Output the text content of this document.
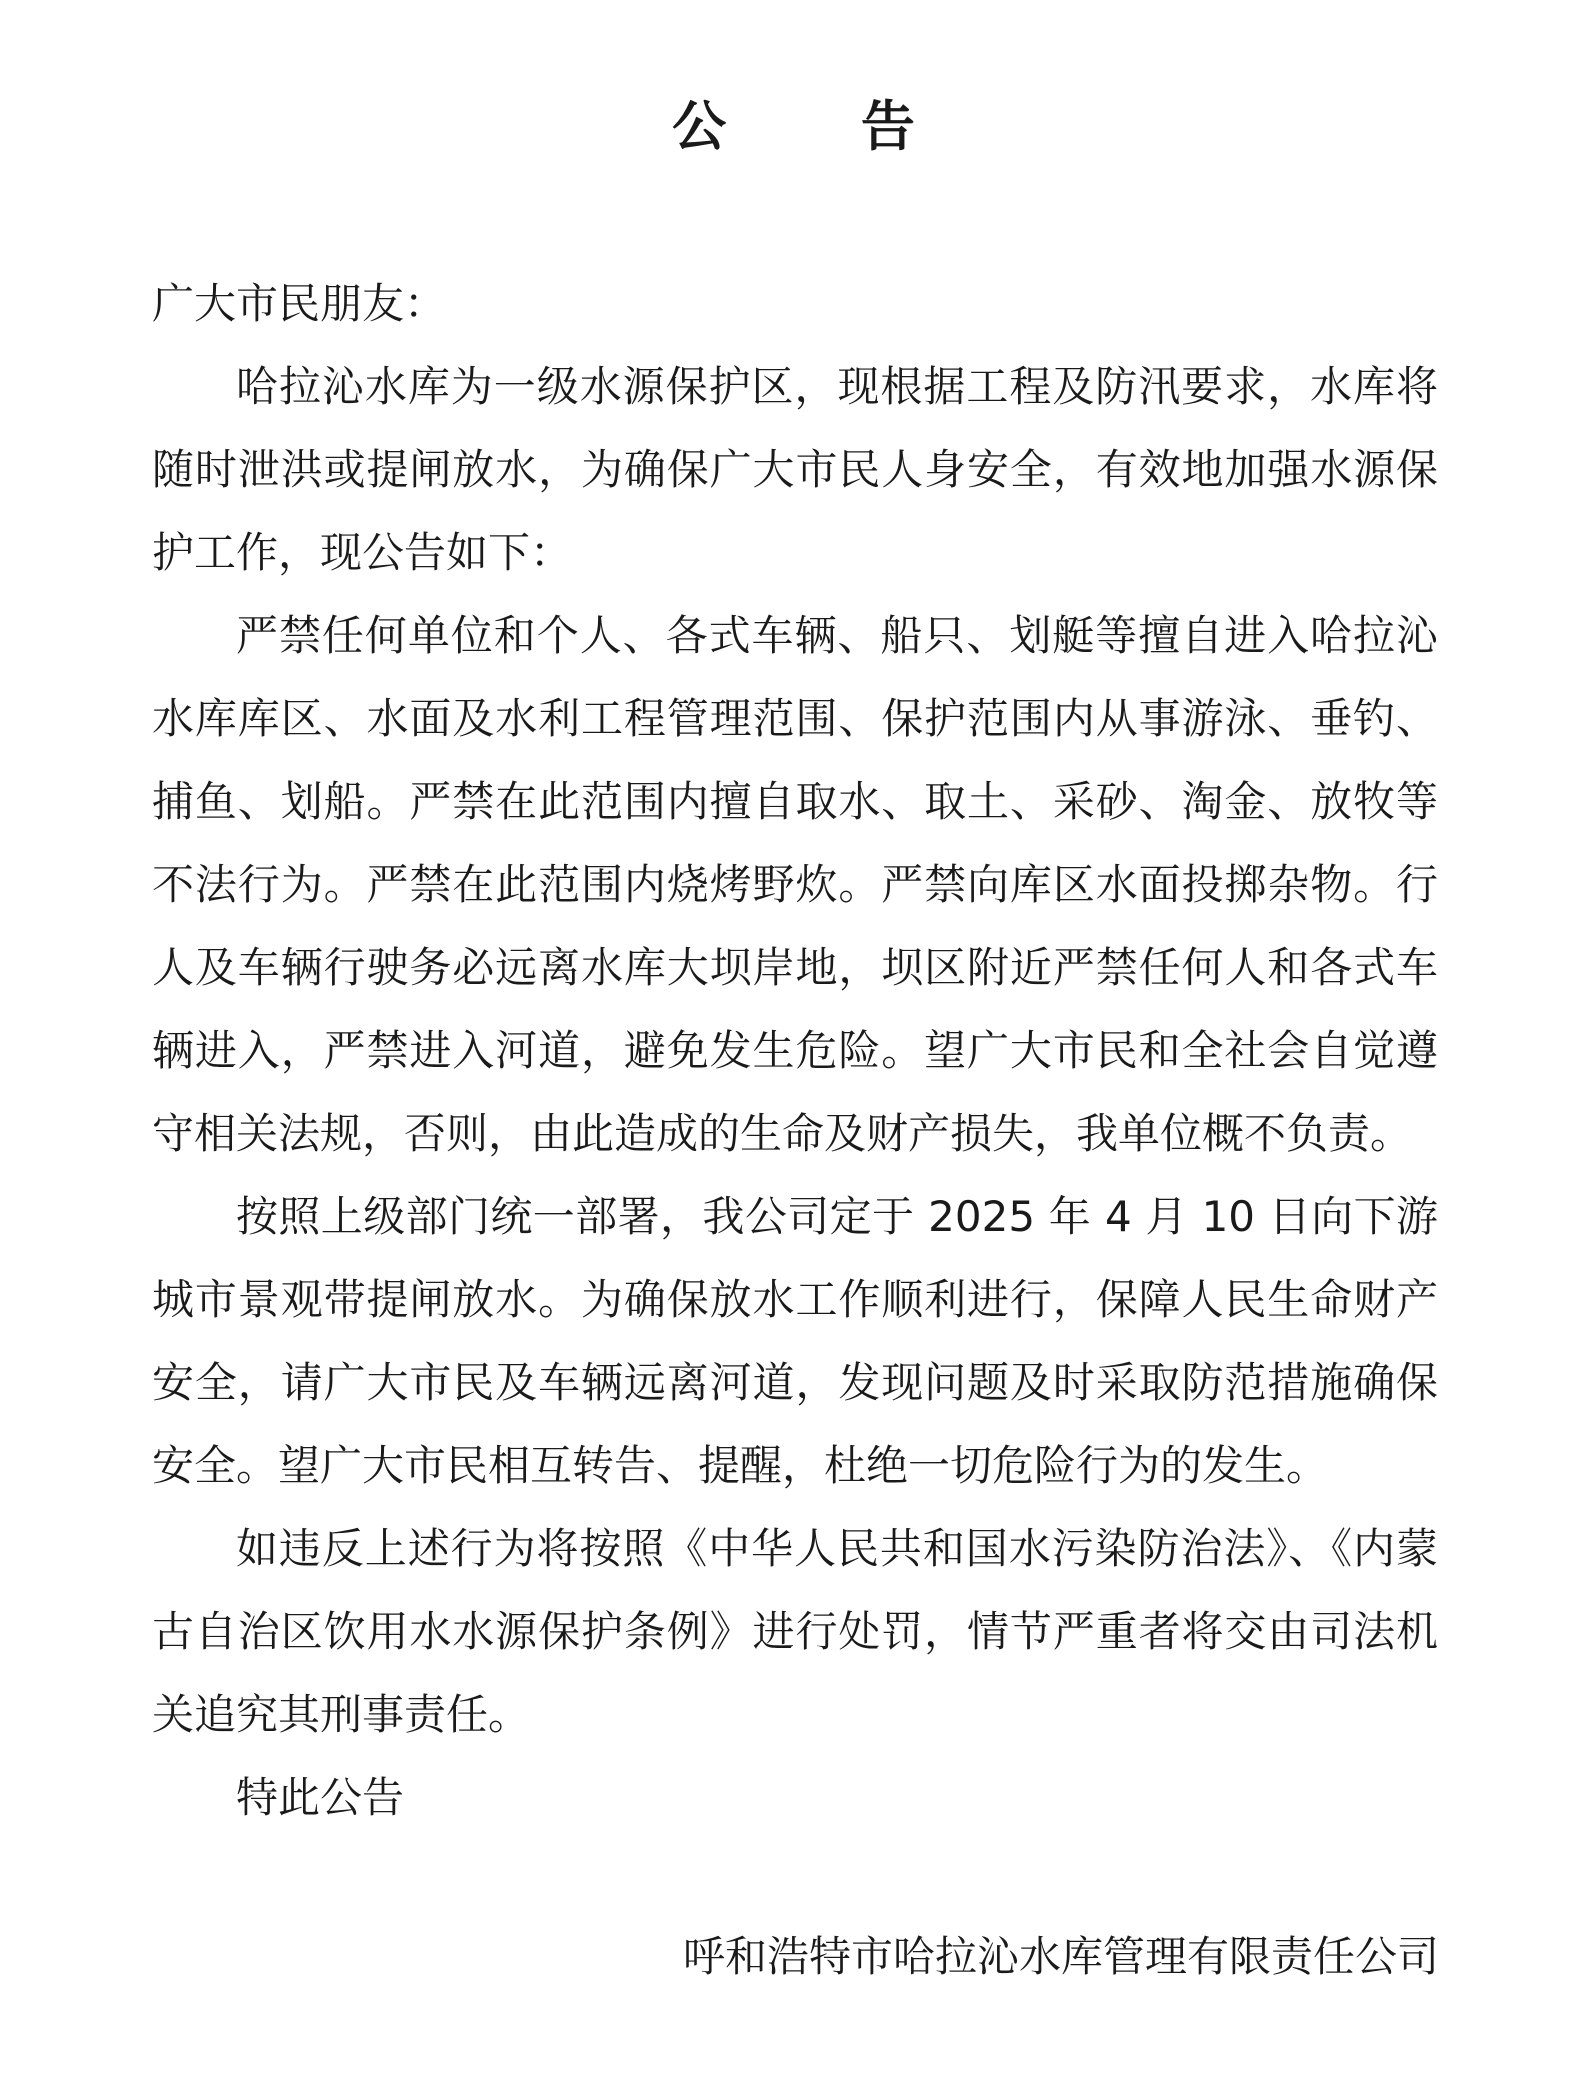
公 告

广大市民朋友：

哈拉沁水库为一级水源保护区，现根据工程及防汛要求，水库将随时泄洪或提闸放水，为确保广大市民人身安全，有效地加强水源保护工作，现公告如下：

严禁任何单位和个人、各式车辆、船只、划艇等擅自进入哈拉沁水库库区、水面及水利工程管理范围、保护范围内从事游泳、垂钓、捕鱼、划船。严禁在此范围内擅自取水、取土、采砂、淘金、放牧等不法行为。严禁在此范围内烧烤野炊。严禁向库区水面投掷杂物。行人及车辆行驶务必远离水库大坝岸地，坝区附近严禁任何人和各式车辆进入，严禁进入河道，避免发生危险。望广大市民和全社会自觉遵守相关法规，否则，由此造成的生命及财产损失，我单位概不负责。

按照上级部门统一部署，我公司定于 2025 年 4 月 10 日向下游城市景观带提闸放水。为确保放水工作顺利进行，保障人民生命财产安全，请广大市民及车辆远离河道，发现问题及时采取防范措施确保安全。望广大市民相互转告、提醒，杜绝一切危险行为的发生。

如违反上述行为将按照《中华人民共和国水污染防治法》、《内蒙古自治区饮用水水源保护条例》进行处罚，情节严重者将交由司法机关追究其刑事责任。

特此公告

呼和浩特市哈拉沁水库管理有限责任公司
